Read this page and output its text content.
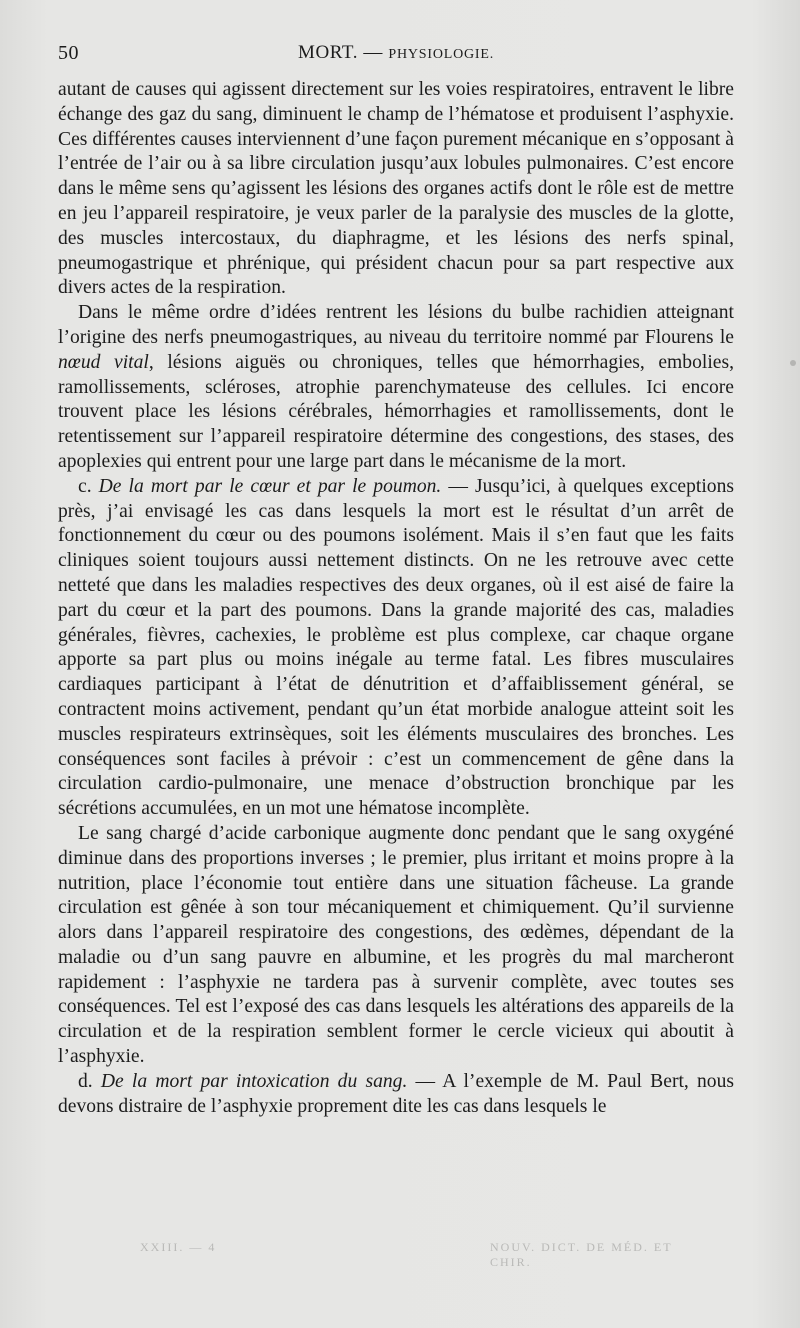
50	MORT. — PHYSIOLOGIE.

autant de causes qui agissent directement sur les voies respiratoires, entravent le libre échange des gaz du sang, diminuent le champ de l’hématose et produisent l’asphyxie. Ces différentes causes interviennent d’une façon purement mécanique en s’opposant à l’entrée de l’air ou à sa libre circulation jusqu’aux lobules pulmonaires. C’est encore dans le même sens qu’agissent les lésions des organes actifs dont le rôle est de mettre en jeu l’appareil respiratoire, je veux parler de la paralysie des muscles de la glotte, des muscles intercostaux, du diaphragme, et les lésions des nerfs spinal, pneumogastrique et phrénique, qui président chacun pour sa part respective aux divers actes de la respiration.

Dans le même ordre d’idées rentrent les lésions du bulbe rachidien atteignant l’origine des nerfs pneumogastriques, au niveau du territoire nommé par Flourens le nœud vital, lésions aiguës ou chroniques, telles que hémorrhagies, embolies, ramollissements, scléroses, atrophie parenchymateuse des cellules. Ici encore trouvent place les lésions cérébrales, hémorrhagies et ramollissements, dont le retentissement sur l’appareil respiratoire détermine des congestions, des stases, des apoplexies qui entrent pour une large part dans le mécanisme de la mort.

c. De la mort par le cœur et par le poumon. — Jusqu’ici, à quelques exceptions près, j’ai envisagé les cas dans lesquels la mort est le résultat d’un arrêt de fonctionnement du cœur ou des poumons isolément. Mais il s’en faut que les faits cliniques soient toujours aussi nettement distincts. On ne les retrouve avec cette netteté que dans les maladies respectives des deux organes, où il est aisé de faire la part du cœur et la part des poumons. Dans la grande majorité des cas, maladies générales, fièvres, cachexies, le problème est plus complexe, car chaque organe apporte sa part plus ou moins inégale au terme fatal. Les fibres musculaires cardiaques participant à l’état de dénutrition et d’affaiblissement général, se contractent moins activement, pendant qu’un état morbide analogue atteint soit les muscles respirateurs extrinsèques, soit les éléments musculaires des bronches. Les conséquences sont faciles à prévoir : c’est un commencement de gêne dans la circulation cardio-pulmonaire, une menace d’obstruction bronchique par les sécrétions accumulées, en un mot une hématose incomplète.

Le sang chargé d’acide carbonique augmente donc pendant que le sang oxygéné diminue dans des proportions inverses ; le premier, plus irritant et moins propre à la nutrition, place l’économie tout entière dans une situation fâcheuse. La grande circulation est gênée à son tour mécaniquement et chimiquement. Qu’il survienne alors dans l’appareil respiratoire des congestions, des œdèmes, dépendant de la maladie ou d’un sang pauvre en albumine, et les progrès du mal marcheront rapidement : l’asphyxie ne tardera pas à survenir complète, avec toutes ses conséquences. Tel est l’exposé des cas dans lesquels les altérations des appareils de la circulation et de la respiration semblent former le cercle vicieux qui aboutit à l’asphyxie.

d. De la mort par intoxication du sang. — A l’exemple de M. Paul Bert, nous devons distraire de l’asphyxie proprement dite les cas dans lesquels le

XXIII. — 4	NOUV. DICT. DE MÉD. ET CHIR.
